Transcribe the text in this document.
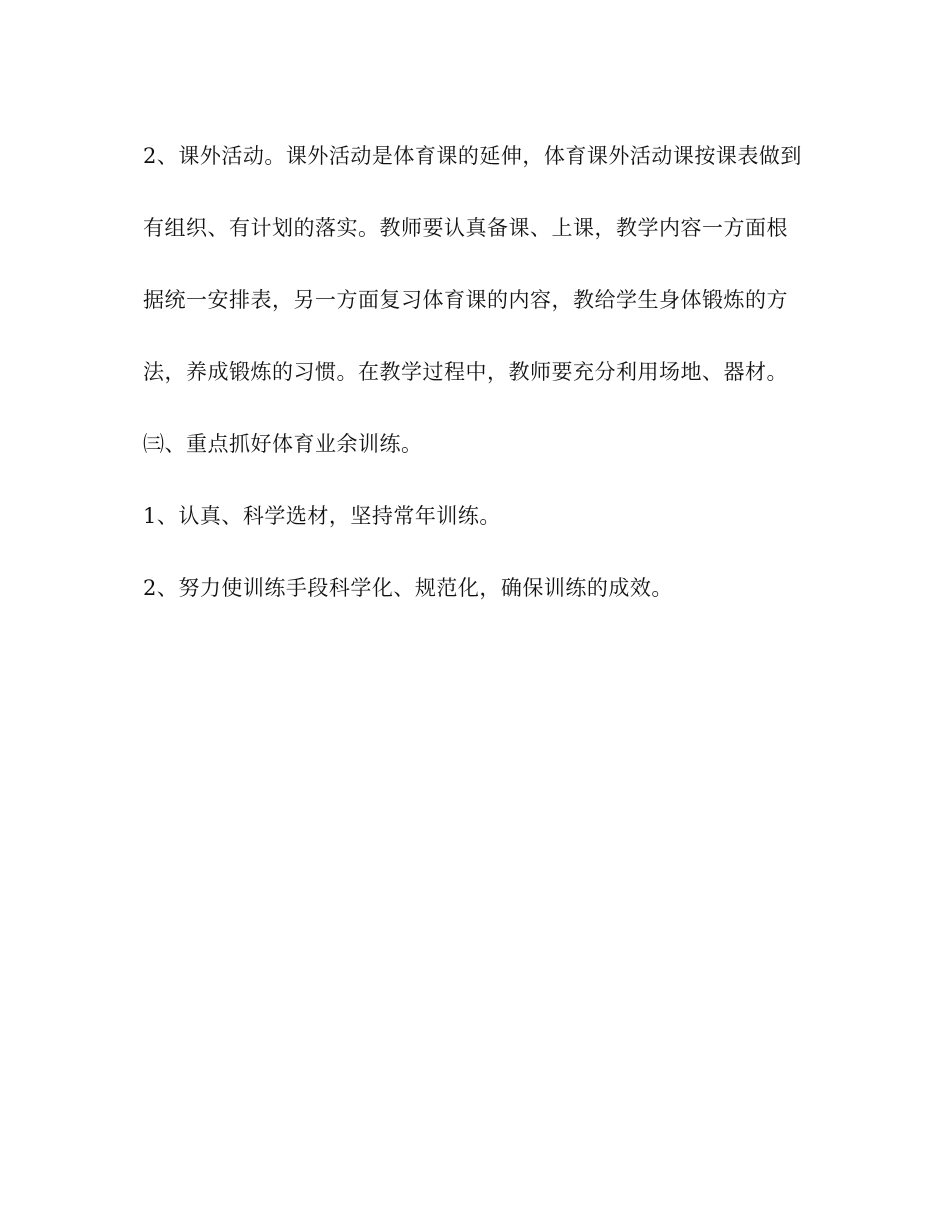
2、课外活动。课外活动是体育课的延伸，体育课外活动课按课表做到
有组织、有计划的落实。教师要认真备课、上课，教学内容一方面根
据统一安排表，另一方面复习体育课的内容，教给学生身体锻炼的方
法，养成锻炼的习惯。在教学过程中，教师要充分利用场地、器材。
㈢、重点抓好体育业余训练。
1、认真、科学选材，坚持常年训练。
2、努力使训练手段科学化、规范化，确保训练的成效。
